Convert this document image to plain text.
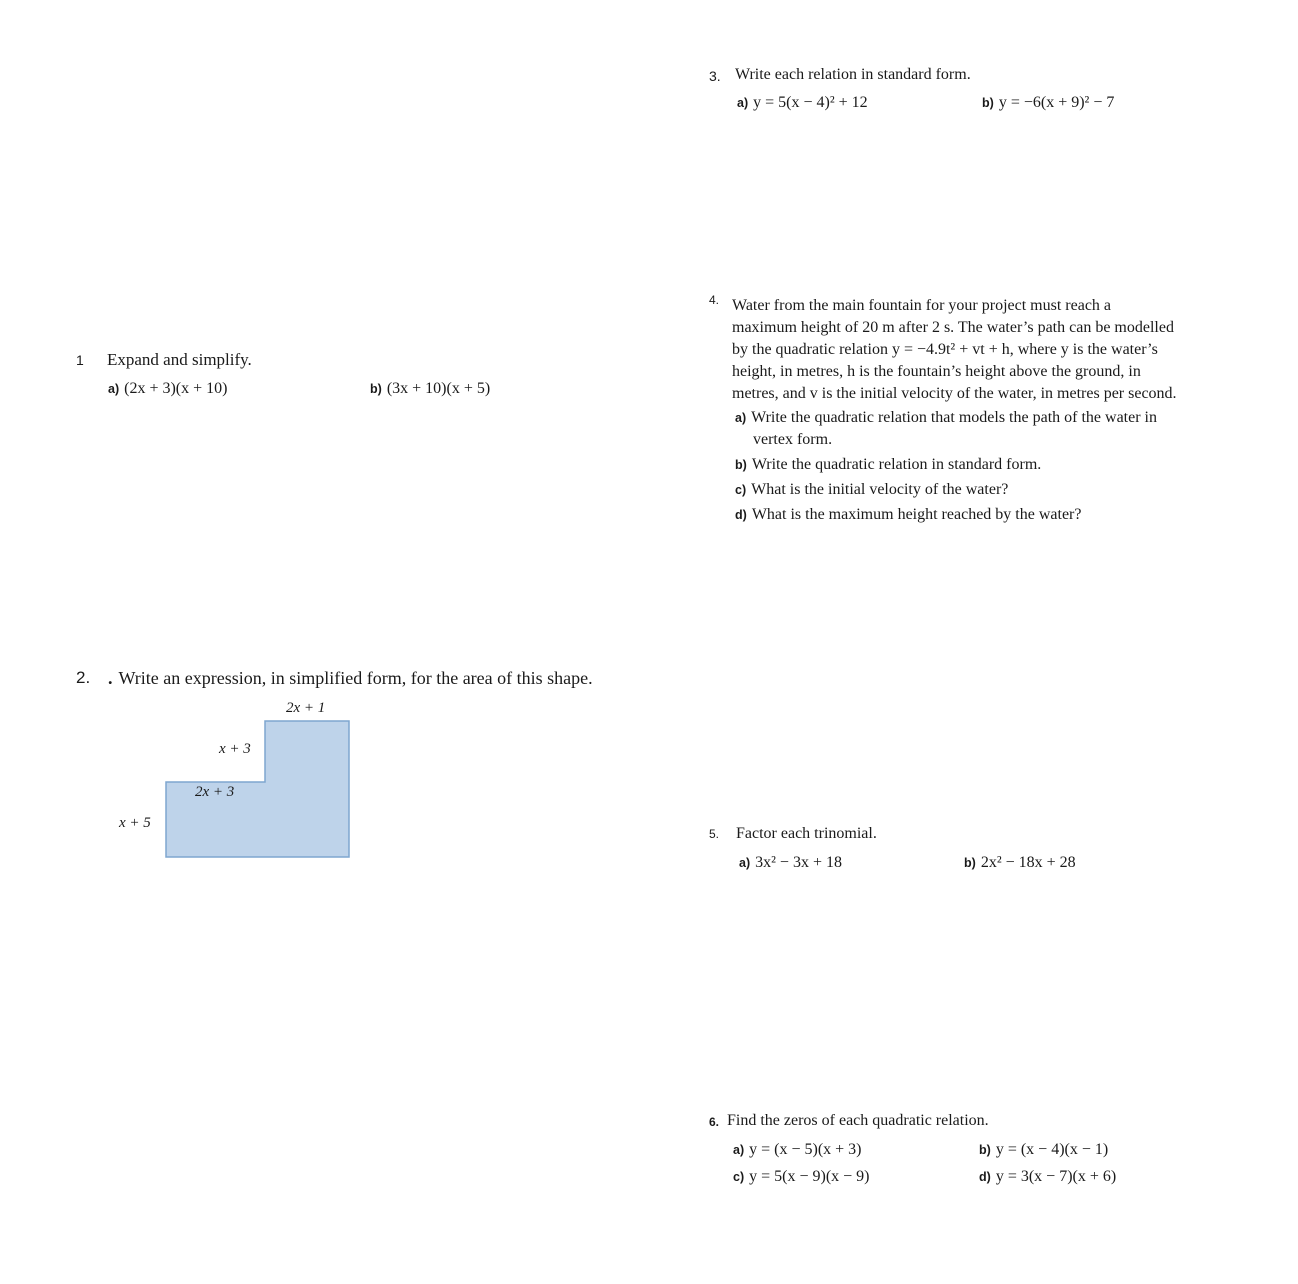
1 Expand and simplify.
a) (2x + 3)(x + 10)	b) (3x + 10)(x + 5)
2. . Write an expression, in simplified form, for the area of this shape.
2x + 1
x + 3
2x + 3
x + 5
3. Write each relation in standard form.
a) y = 5(x − 4)² + 12	b) y = −6(x + 9)² − 7
4. Water from the main fountain for your project must reach a
maximum height of 20 m after 2 s. The water’s path can be modelled
by the quadratic relation y = −4.9t² + vt + h, where y is the water’s
height, in metres, h is the fountain’s height above the ground, in
metres, and v is the initial velocity of the water, in metres per second.
a) Write the quadratic relation that models the path of the water in
vertex form.
b) Write the quadratic relation in standard form.
c) What is the initial velocity of the water?
d) What is the maximum height reached by the water?
5. Factor each trinomial.
a) 3x² − 3x + 18	b) 2x² − 18x + 28
6. Find the zeros of each quadratic relation.
a) y = (x − 5)(x + 3)	b) y = (x − 4)(x − 1)
c) y = 5(x − 9)(x − 9)	d) y = 3(x − 7)(x + 6)
